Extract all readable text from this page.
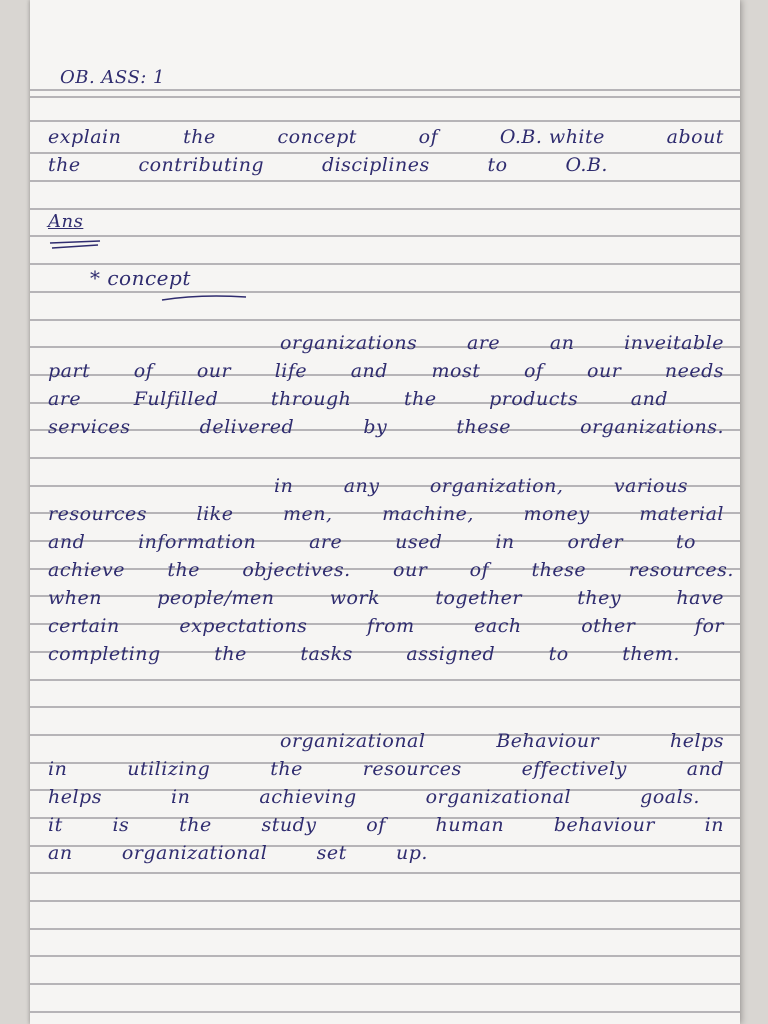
OB. ASS: 1
explain	the	concept	of	O.B. white	about
the	contributing	disciplines	to	O.B.
Ans
* concept
organizations	are	an	inveitable
part of our life and most of our needs
are	Fulfilled	through	the	products	and
services	delivered	by	these	organizations.
in	any	organization,	various
resources	like	men,	machine,	money	material
and	information	are	used	in	order	to
achieve the objectives. our of these resources.
when	people/men	work	together	they	have
certain	expectations	from	each	other	for
completing	the	tasks	assigned	to	them.
organizational	Behaviour	helps
in	utilizing	the	resources	effectively	and
helps	in	achieving	organizational	goals.
it	is	the	study	of	human	behaviour	in
an	organizational	set	up.
